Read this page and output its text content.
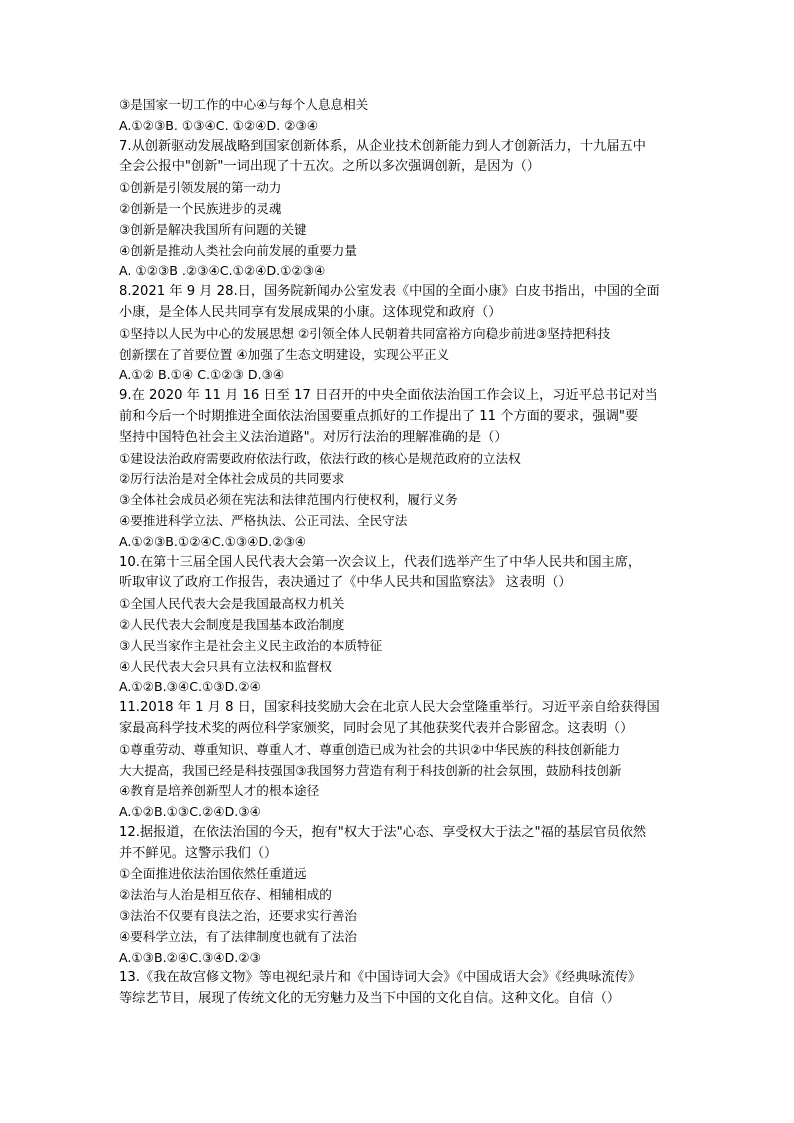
③是国家一切工作的中心④与每个人息息相关
A.①②③B. ①③④C. ①②④D. ②③④
7.从创新驱动发展战略到国家创新体系，从企业技术创新能力到人才创新活力，十九届五中
全会公报中"创新"一词出现了十五次。之所以多次强调创新，是因为（）
①创新是引领发展的第一动力
②创新是一个民族进步的灵魂
③创新是解决我国所有问题的关键
④创新是推动人类社会向前发展的重要力量
A. ①②③B .②③④C.①②④D.①②③④
8.2021 年 9 月 28.日，国务院新闻办公室发表《中国的全面小康》白皮书指出，中国的全面
小康，是全体人民共同享有发展成果的小康。这体现党和政府（）
①坚持以人民为中心的发展思想 ②引领全体人民朝着共同富裕方向稳步前进③坚持把科技
创新摆在了首要位置 ④加强了生态文明建设，实现公平正义
A.①② B.①④ C.①②③ D.③④
9.在 2020 年 11 月 16 日至 17 日召开的中央全面依法治国工作会议上，习近平总书记对当
前和今后一个时期推进全面依法治国要重点抓好的工作提出了 11 个方面的要求，强调"要
坚持中国特色社会主义法治道路"。对厉行法治的理解准确的是（）
①建设法治政府需要政府依法行政，依法行政的核心是规范政府的立法权
②厉行法治是对全体社会成员的共同要求
③全体社会成员必须在宪法和法律范围内行使权利，履行义务
④要推进科学立法、严格执法、公正司法、全民守法
A.①②③B.①②④C.①③④D.②③④
10.在第十三届全国人民代表大会第一次会议上，代表们选举产生了中华人民共和国主席，
听取审议了政府工作报告，表决通过了《中华人民共和国监察法》 这表明（）
①全国人民代表大会是我国最高权力机关
②人民代表大会制度是我国基本政治制度
③人民当家作主是社会主义民主政治的本质特征
④人民代表大会只具有立法权和监督权
A.①②B.③④C.①③D.②④
11.2018 年 1 月 8 日，国家科技奖励大会在北京人民大会堂隆重举行。习近平亲自给获得国
家最高科学技术奖的两位科学家颁奖，同时会见了其他获奖代表并合影留念。这表明（）
①尊重劳动、尊重知识、尊重人才、尊重创造已成为社会的共识②中华民族的科技创新能力
大大提高，我国已经是科技强国③我国努力营造有利于科技创新的社会氛围，鼓励科技创新
④教育是培养创新型人才的根本途径
A.①②B.①③C.②④D.③④
12.据报道，在依法治国的今天，抱有"权大于法"心态、享受权大于法之"福的基层官员依然
并不鲜见。这警示我们（）
①全面推进依法治国依然任重道远
②法治与人治是相互依存、相辅相成的
③法治不仅要有良法之治，还要求实行善治
④要科学立法，有了法律制度也就有了法治
A.①③B.②④C.③④D.②③
13.《我在故宫修文物》等电视纪录片和《中国诗词大会》《中国成语大会》《经典咏流传》
等综艺节目，展现了传统文化的无穷魅力及当下中国的文化自信。这种文化。自信（）
